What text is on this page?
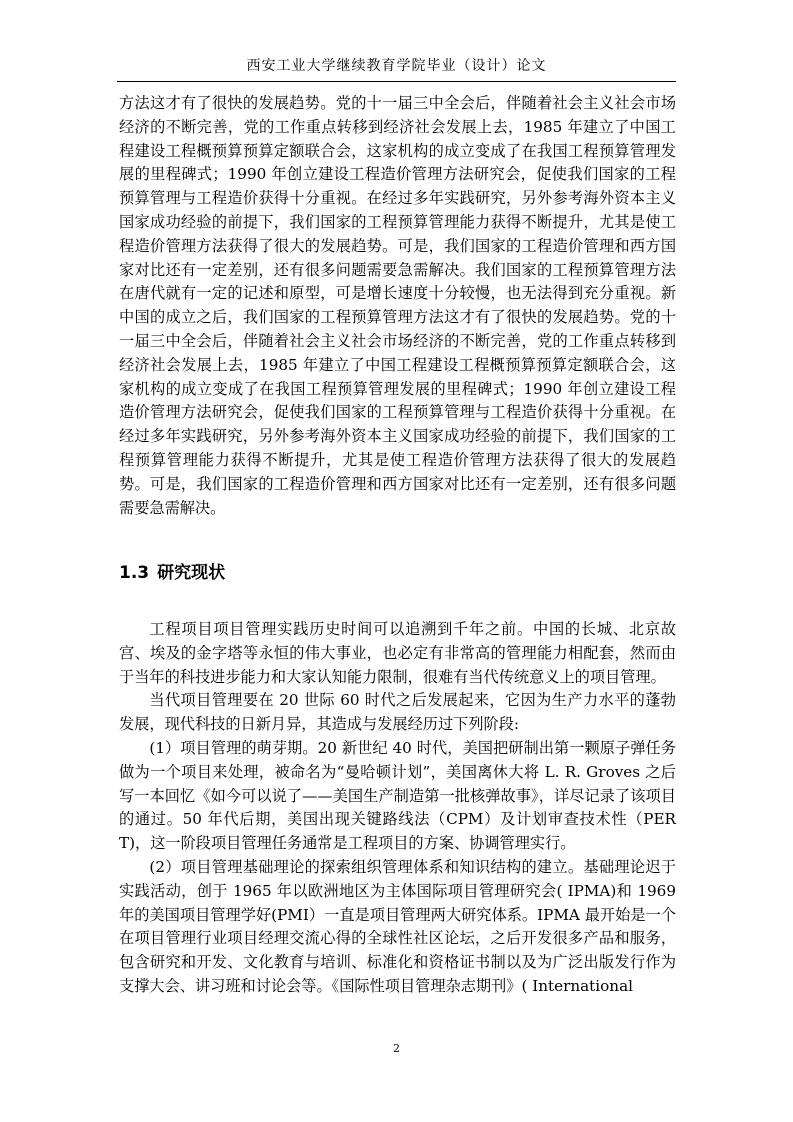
西安工业大学继续教育学院毕业（设计）论文

方法这才有了很快的发展趋势。党的十一届三中全会后，伴随着社会主义社会市场经济的不断完善，党的工作重点转移到经济社会发展上去，1985 年建立了中国工程建设工程概预算预算定额联合会，这家机构的成立变成了在我国工程预算管理发展的里程碑式；1990 年创立建设工程造价管理方法研究会，促使我们国家的工程预算管理与工程造价获得十分重视。在经过多年实践研究，另外参考海外资本主义国家成功经验的前提下，我们国家的工程预算管理能力获得不断提升，尤其是使工程造价管理方法获得了很大的发展趋势。可是，我们国家的工程造价管理和西方国家对比还有一定差别，还有很多问题需要急需解决。我们国家的工程预算管理方法在唐代就有一定的记述和原型，可是增长速度十分较慢，也无法得到充分重视。新中国的成立之后，我们国家的工程预算管理方法这才有了很快的发展趋势。党的十一届三中全会后，伴随着社会主义社会市场经济的不断完善，党的工作重点转移到经济社会发展上去，1985 年建立了中国工程建设工程概预算预算定额联合会，这家机构的成立变成了在我国工程预算管理发展的里程碑式；1990 年创立建设工程造价管理方法研究会，促使我们国家的工程预算管理与工程造价获得十分重视。在经过多年实践研究，另外参考海外资本主义国家成功经验的前提下，我们国家的工程预算管理能力获得不断提升，尤其是使工程造价管理方法获得了很大的发展趋势。可是，我们国家的工程造价管理和西方国家对比还有一定差别，还有很多问题需要急需解决。

1.3 研究现状

工程项目项目管理实践历史时间可以追溯到千年之前。中国的长城、北京故宫、埃及的金字塔等永恒的伟大事业，也必定有非常高的管理能力相配套，然而由于当年的科技进步能力和大家认知能力限制，很难有当代传统意义上的项目管理。

当代项目管理要在 20 世际 60 时代之后发展起来，它因为生产力水平的蓬勃发展，现代科技的日新月异，其造成与发展经历过下列阶段:

(1）项目管理的萌芽期。20 新世纪 40 时代，美国把研制出第一颗原子弹任务做为一个项目来处理，被命名为“曼哈顿计划”，美国离休大将 L. R. Groves 之后写一本回忆《如今可以说了——美国生产制造第一批核弹故事》，详尽记录了该项目的通过。50 年代后期，美国出现关键路线法（CPM）及计划审查技术性（PERT)，这一阶段项目管理任务通常是工程项目的方案、协调管理实行。

(2）项目管理基础理论的探索组织管理体系和知识结构的建立。基础理论迟于实践活动，创于 1965 年以欧洲地区为主体国际项目管理研究会( IPMA)和 1969 年的美国项目管理学好(PMI）一直是项目管理两大研究体系。IPMA 最开始是一个在项目管理行业项目经理交流心得的全球性社区论坛，之后开发很多产品和服务，包含研究和开发、文化教育与培训、标准化和资格证书制以及为广泛出版发行作为支撑大会、讲习班和讨论会等。《国际性项目管理杂志期刊》( International

2
